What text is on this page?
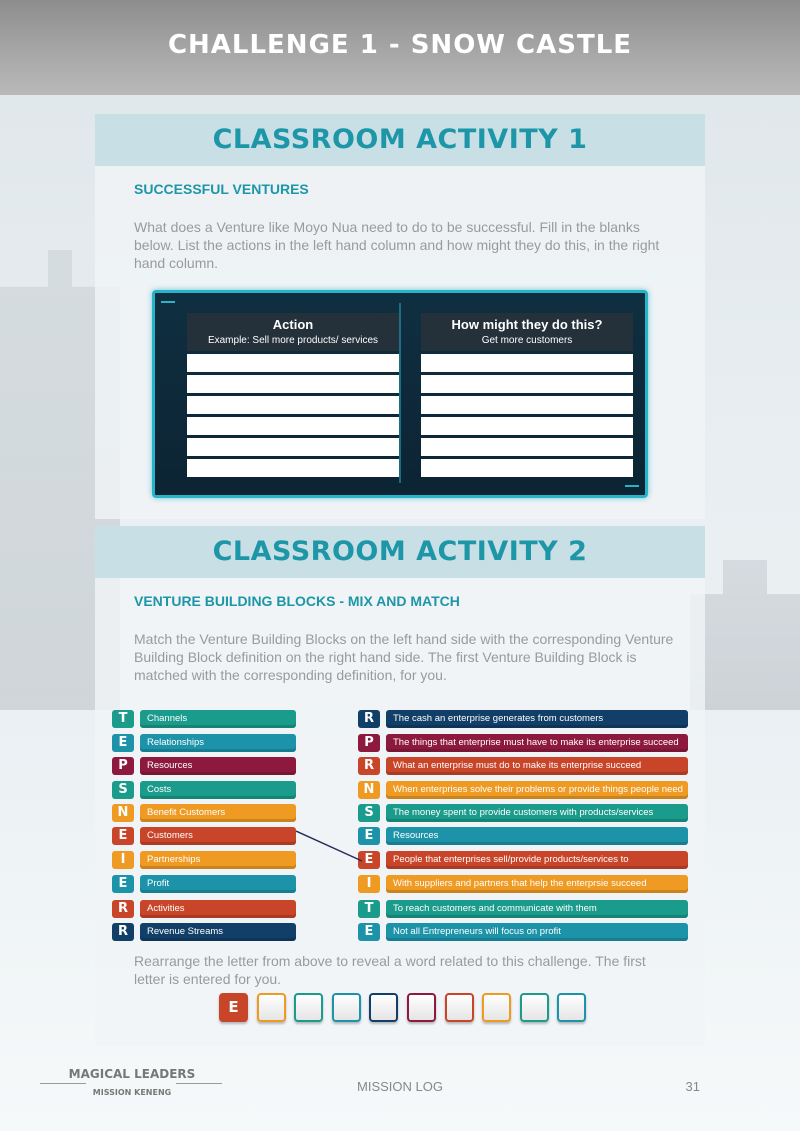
CHALLENGE 1 - SNOW CASTLE
CLASSROOM ACTIVITY 1
SUCCESSFUL VENTURES
What does a Venture like Moyo Nua need to do to be successful. Fill in the blanks below. List the actions in the left hand column and how might they do this, in the right hand column.
Action
Example: Sell more products/ services
How might they do this?
Get more customers
CLASSROOM ACTIVITY 2
VENTURE BUILDING BLOCKS - MIX AND MATCH
Match the Venture Building Blocks on the left hand side with the corresponding Venture Building Block definition on the right hand side. The first Venture Building Block is matched with the corresponding definition, for you.
T	Channels
E	Relationships
P	Resources
S	Costs
N	Benefit Customers
E	Customers
I	Partnerships
E	Profit
R	Activities
R	Revenue Streams
R	The cash an enterprise generates from customers
P	The things that enterprise must have to make its enterprise succeed
R	What an enterprise must do to make its enterprise succeed
N	When enterprises solve their problems or provide things people need
S	The money spent to provide customers with products/services
E	Resources
E	People that enterprises sell/provide products/services to
I	With suppliers and partners that help the enterprsie succeed
T	To reach customers and communicate with them
E	Not all Entrepreneurs will focus on profit
Rearrange the letter from above to reveal a word related to this challenge. The first letter is entered for you.
E
MAGICAL LEADERS
MISSION KENENG	MISSION LOG	31
